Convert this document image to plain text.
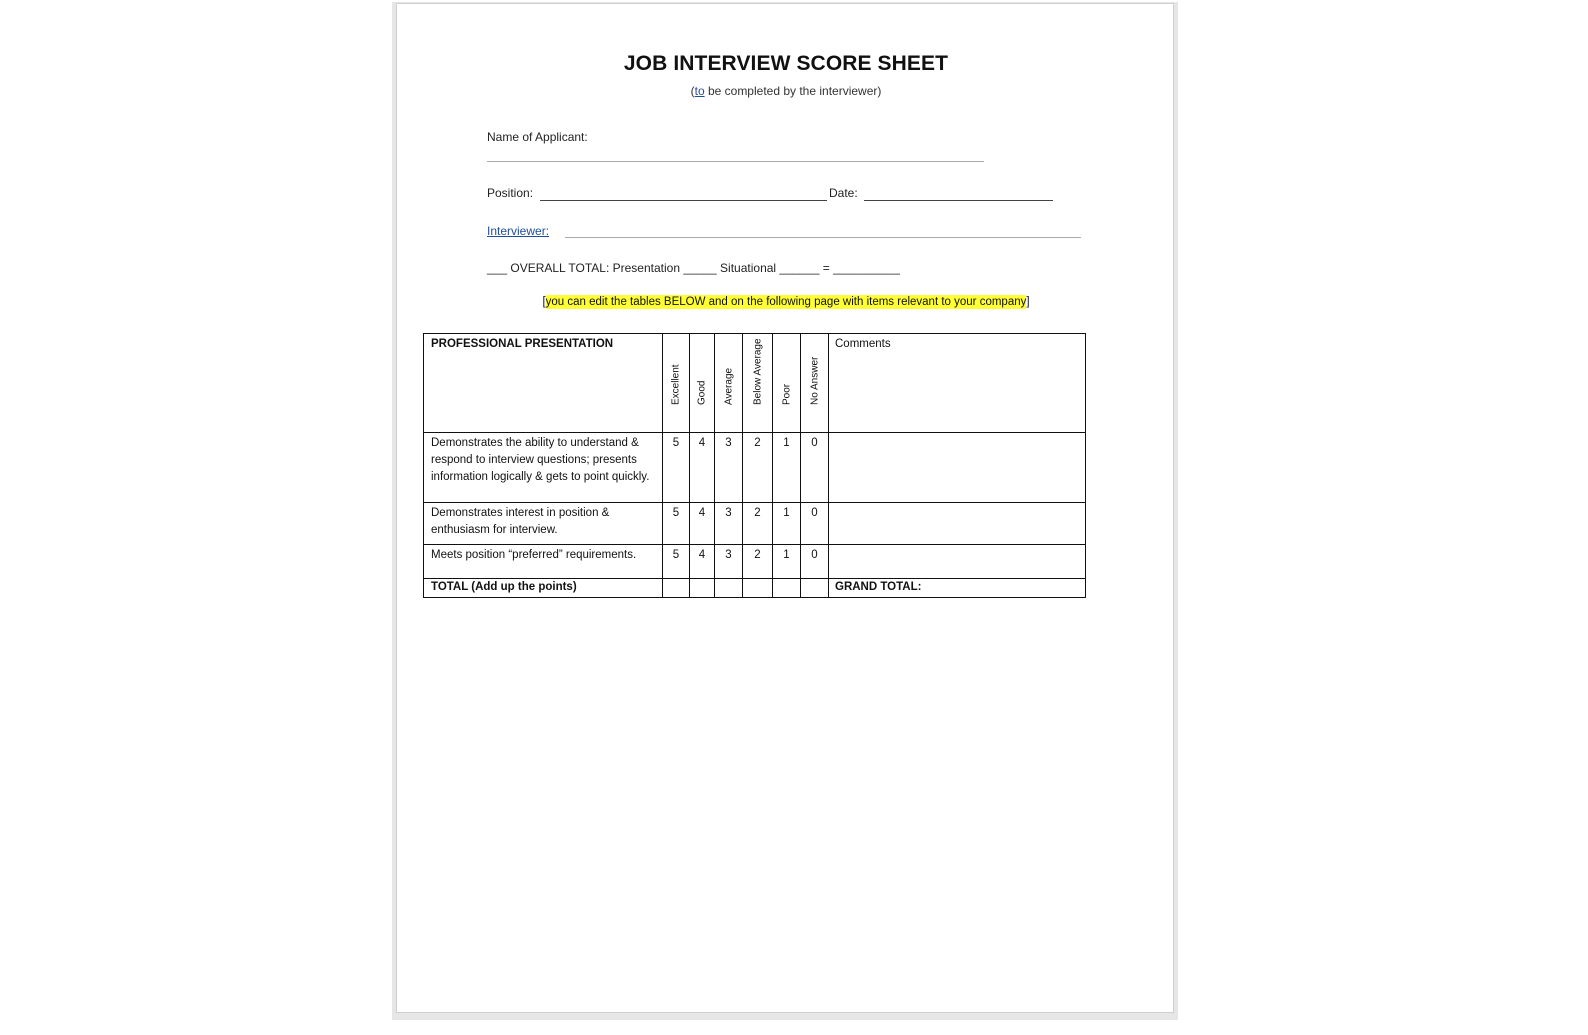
JOB INTERVIEW SCORE SHEET
(to be completed by the interviewer)
Name of Applicant:
Position:	Date:
Interviewer:
___ OVERALL TOTAL: Presentation _____ Situational ______ = __________
[you can edit the tables BELOW and on the following page with items relevant to your company]
PROFESSIONAL PRESENTATION	Excellent	Good	Average	Below Average	Poor	No Answer	Comments
Demonstrates the ability to understand & respond to interview questions; presents information logically & gets to point quickly.	5	4	3	2	1	0	

Demonstrates interest in position & enthusiasm for interview.	5	4	3	2	1	0	

Meets position “preferred” requirements.	5	4	3	2	1	0	

TOTAL (Add up the points)							GRAND TOTAL:
